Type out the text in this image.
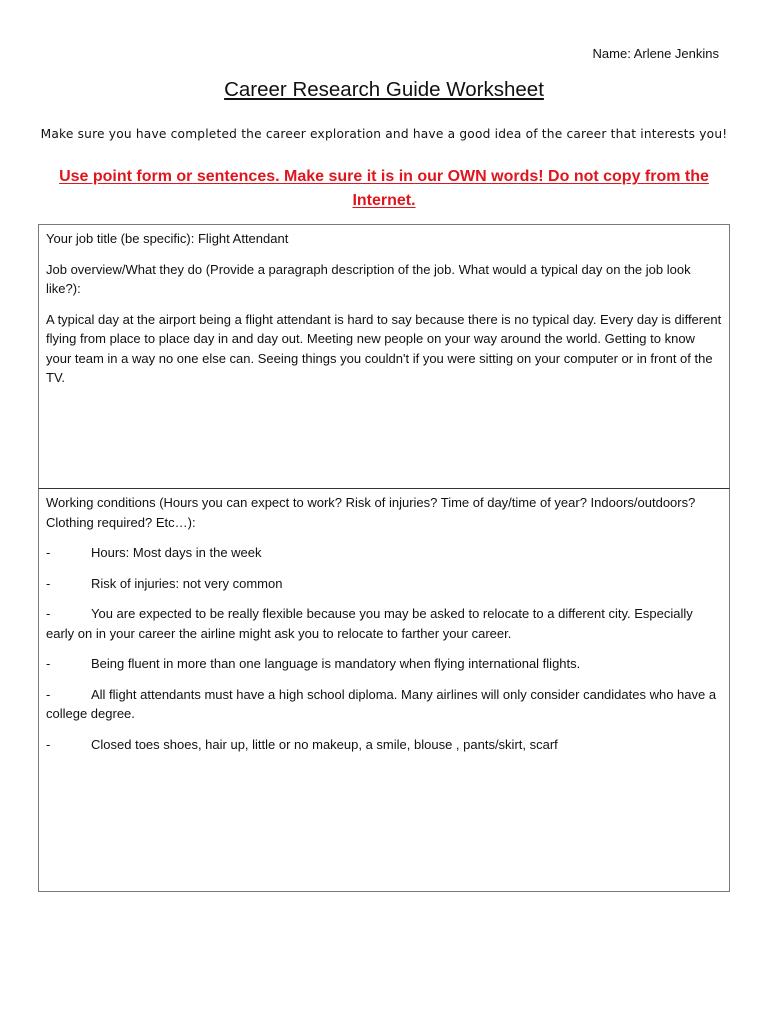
Name: Arlene Jenkins
Career Research Guide Worksheet
Make sure you have completed the career exploration and have a good idea of the career that interests you!
Use point form or sentences. Make sure it is in our OWN words! Do not copy from the Internet.

Your job title (be specific): Flight Attendant

Job overview/What they do (Provide a paragraph description of the job. What would a typical day on the job look like?):

A typical day at the airport being a flight attendant is hard to say because there is no typical day. Every day is different flying from place to place day in and day out. Meeting new people on your way around the world. Getting to know your team in a way no one else can. Seeing things you couldn't if you were sitting on your computer or in front of the TV.

Working conditions (Hours you can expect to work? Risk of injuries? Time of day/time of year? Indoors/outdoors? Clothing required? Etc…):

-	Hours: Most days in the week
-	Risk of injuries: not very common
-	You are expected to be really flexible because you may be asked to relocate to a different city. Especially early on in your career the airline might ask you to relocate to farther your career.
-	Being fluent in more than one language is mandatory when flying international flights.
-	All flight attendants must have a high school diploma. Many airlines will only consider candidates who have a college degree.
-	Closed toes shoes, hair up, little or no makeup, a smile, blouse , pants/skirt, scarf
